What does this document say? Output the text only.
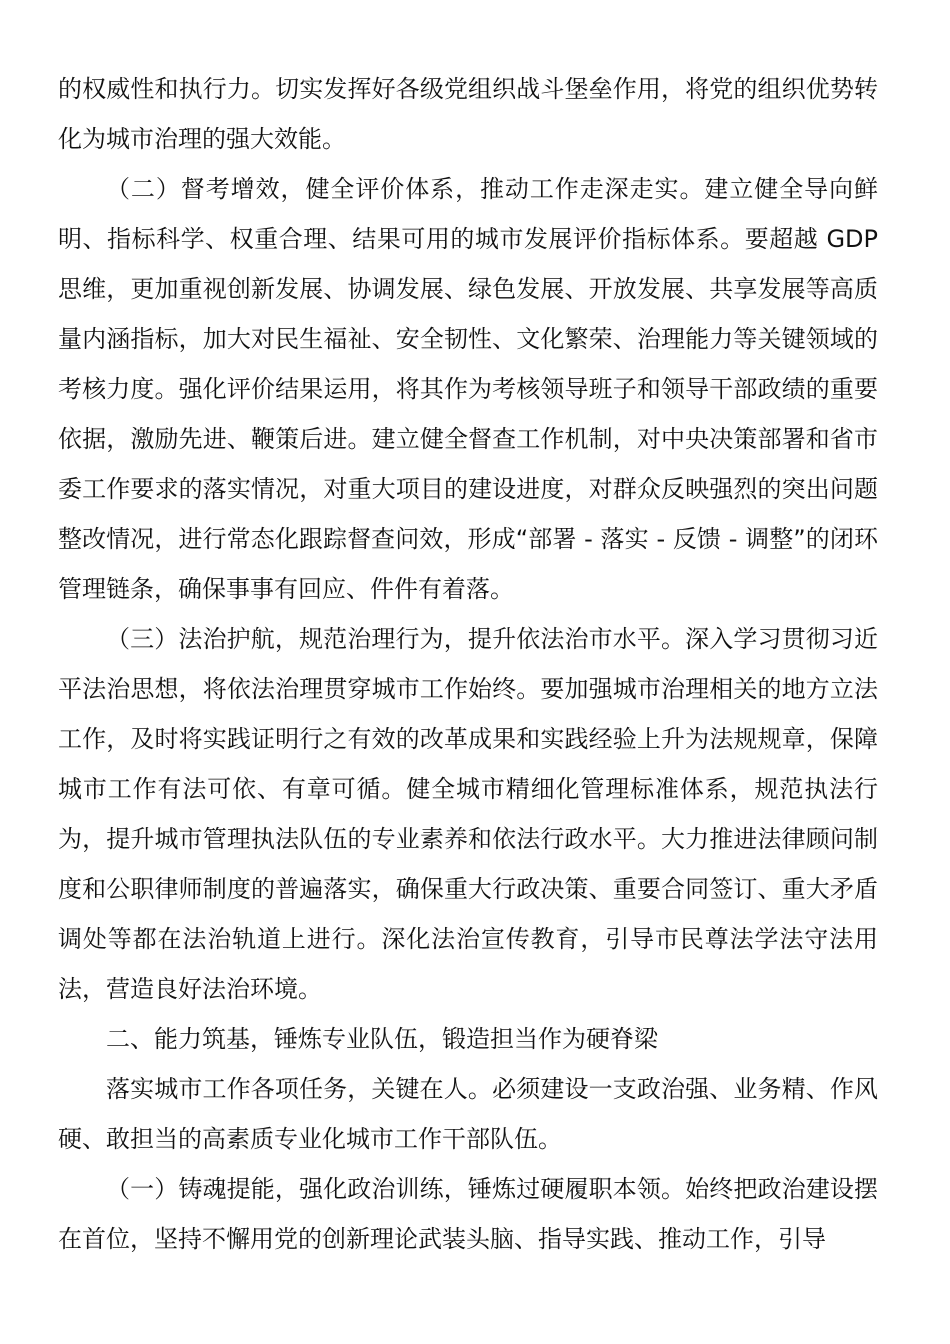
的权威性和执行力。切实发挥好各级党组织战斗堡垒作用，将党的组织优势转化为城市治理的强大效能。

（二）督考增效，健全评价体系，推动工作走深走实。建立健全导向鲜明、指标科学、权重合理、结果可用的城市发展评价指标体系。要超越 GDP 思维，更加重视创新发展、协调发展、绿色发展、开放发展、共享发展等高质量内涵指标，加大对民生福祉、安全韧性、文化繁荣、治理能力等关键领域的考核力度。强化评价结果运用，将其作为考核领导班子和领导干部政绩的重要依据，激励先进、鞭策后进。建立健全督查工作机制，对中央决策部署和省市委工作要求的落实情况，对重大项目的建设进度，对群众反映强烈的突出问题整改情况，进行常态化跟踪督查问效，形成“部署 - 落实 - 反馈 - 调整”的闭环管理链条，确保事事有回应、件件有着落。

（三）法治护航，规范治理行为，提升依法治市水平。深入学习贯彻习近平法治思想，将依法治理贯穿城市工作始终。要加强城市治理相关的地方立法工作，及时将实践证明行之有效的改革成果和实践经验上升为法规规章，保障城市工作有法可依、有章可循。健全城市精细化管理标准体系，规范执法行为，提升城市管理执法队伍的专业素养和依法行政水平。大力推进法律顾问制度和公职律师制度的普遍落实，确保重大行政决策、重要合同签订、重大矛盾调处等都在法治轨道上进行。深化法治宣传教育，引导市民尊法学法守法用法，营造良好法治环境。

二、能力筑基，锤炼专业队伍，锻造担当作为硬脊梁

落实城市工作各项任务，关键在人。必须建设一支政治强、业务精、作风硬、敢担当的高素质专业化城市工作干部队伍。

（一）铸魂提能，强化政治训练，锤炼过硬履职本领。始终把政治建设摆在首位，坚持不懈用党的创新理论武装头脑、指导实践、推动工作，引导
